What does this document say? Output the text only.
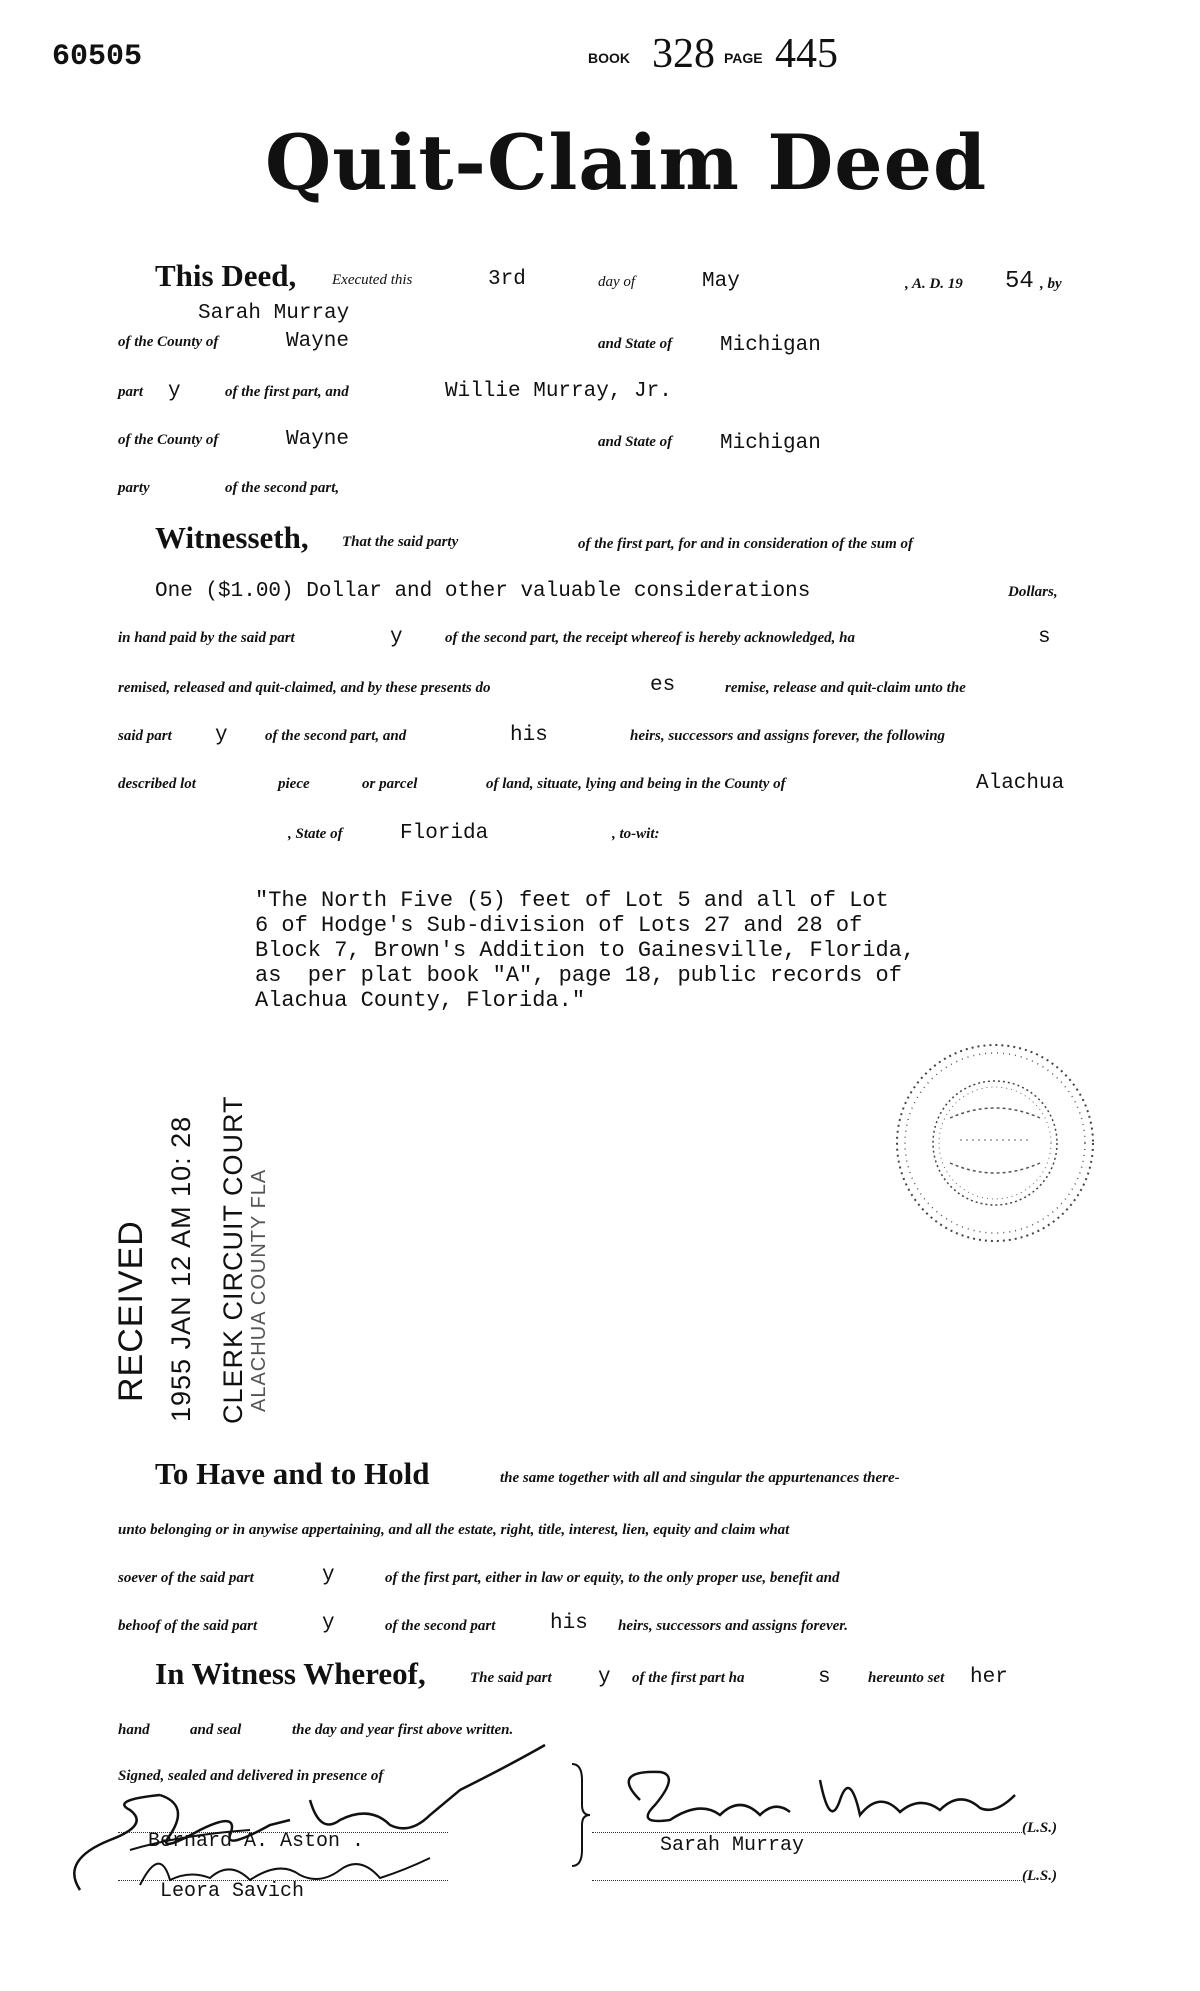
60505	BOOK 328 PAGE 445
Quit-Claim Deed
This Deed, Executed this	3rd	day of	May	, A. D. 19 54 , by
Sarah Murray
of the County of	Wayne	and State of Michigan
part y	of the first part, and	Willie Murray, Jr.
of the County of	Wayne	and State of Michigan
party	of the second part,
Witnesseth, That the said party	of the first part, for and in consideration of the sum of
One ($1.00) Dollar and other valuable considerations	Dollars,
in hand paid by the said part	y	of the second part, the receipt whereof is hereby acknowledged, ha	s
remised, released and quit-claimed, and by these presents do	es	remise, release and quit-claim unto the
said part y of the second part, and	his	heirs, successors and assigns forever, the following
described lot	piece	or parcel	of land, situate, lying and being in the County of	Alachua
, State of	Florida	, to-wit:
"The North Five (5) feet of Lot 5 and all of Lot
6 of Hodge's Sub-division of Lots 27 and 28 of
Block 7, Brown's Addition to Gainesville, Florida,
as  per plat book "A", page 18, public records of
Alachua County, Florida."
RECEIVED 1955 JAN 12 AM 10: 28 CLERK CIRCUIT COURT ALACHUA COUNTY FLA
To Have and to Hold	the same together with all and singular the appurtenances there-
unto belonging or in anywise appertaining, and all the estate, right, title, interest, lien, equity and claim what
soever of the said part	y	of the first part, either in law or equity, to the only proper use, benefit and
behoof of the said part	y	of the second part	his heirs, successors and assigns forever.
In Witness Whereof,	The said part y of the first part ha	s hereunto set her
hand	and seal	the day and year first above written.
Signed, sealed and delivered in presence of
Bernard A. Aston .
Leora Savich
Sarah Murray
(L.S.)
(L.S.)
